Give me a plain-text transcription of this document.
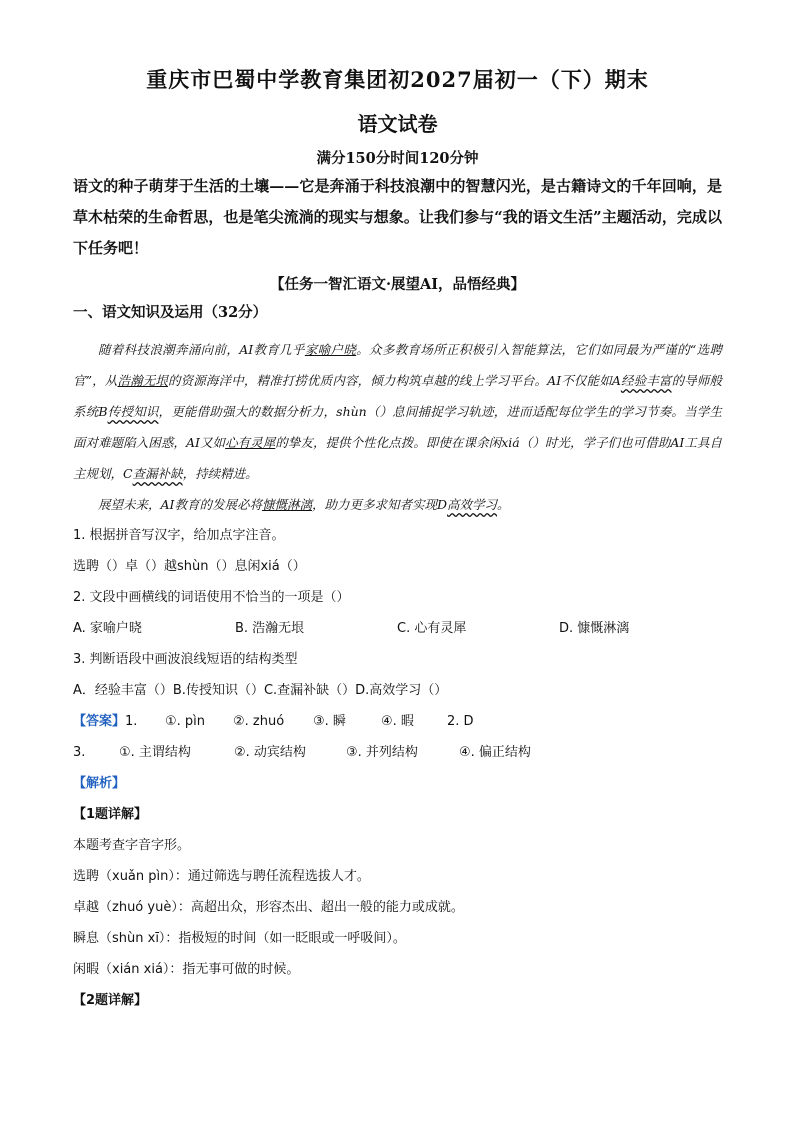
重庆市巴蜀中学教育集团初2027届初一（下）期末
语文试卷
满分150分时间120分钟
语文的种子萌芽于生活的土壤——它是奔涌于科技浪潮中的智慧闪光，是古籍诗文的千年回响，是草木枯荣的生命哲思，也是笔尖流淌的现实与想象。让我们参与“我的语文生活”主题活动，完成以下任务吧！
【任务一智汇语文·展望AI，品悟经典】
一、语文知识及运用（32分）
随着科技浪潮奔涌向前，AI教育几乎家喻户晓。众多教育场所正积极引入智能算法，它们如同最为严谨的“选聘官”，从浩瀚无垠的资源海洋中，精准打捞优质内容，倾力构筑卓越的线上学习平台。AI不仅能如A经验丰富的导师般系统B传授知识，更能借助强大的数据分析力，shùn（）息间捕捉学习轨迹，进而适配每位学生的学习节奏。当学生面对难题陷入困惑，AI又如心有灵犀的挚友，提供个性化点拨。即使在课余闲xiá（）时光，学子们也可借助AI工具自主规划，C查漏补缺，持续精进。
展望未来，AI教育的发展必将慷慨淋漓，助力更多求知者实现D高效学习。
1. 根据拼音写汉字，给加点字注音。
选聘（）卓（）越shùn（）息闲xiá（）
2. 文段中画横线的词语使用不恰当的一项是（）
A. 家喻户晓	B. 浩瀚无垠	C. 心有灵犀	D. 慷慨淋漓
3. 判断语段中画波浪线短语的结构类型
A．经验丰富（）B.传授知识（）C.查漏补缺（）D.高效学习（）
【答案】 1.	①. pìn	②. zhuó	③. 瞬	④. 暇	2. D
3.	①. 主谓结构	②. 动宾结构	③. 并列结构	④. 偏正结构
【解析】
【1题详解】
本题考查字音字形。
选聘（xuǎn pìn）：通过筛选与聘任流程选拔人才。
卓越（zhuó yuè）：高超出众，形容杰出、超出一般的能力或成就。
瞬息（shùn xī）：指极短的时间（如一眨眼或一呼吸间）。
闲暇（xián xiá）：指无事可做的时候。
【2题详解】
